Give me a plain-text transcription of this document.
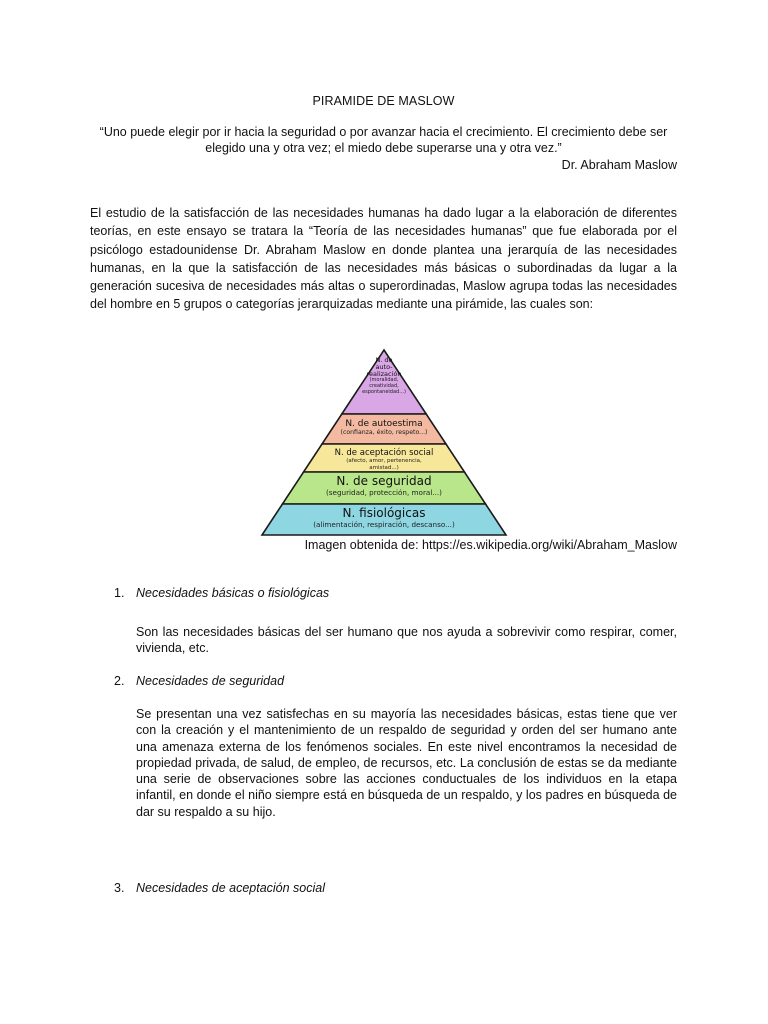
PIRAMIDE DE MASLOW
“Uno puede elegir por ir hacia la seguridad o por avanzar hacia el crecimiento. El crecimiento debe ser elegido una y otra vez; el miedo debe superarse una y otra vez.”
Dr. Abraham Maslow
El estudio de la satisfacción de las necesidades humanas ha dado lugar a la elaboración de diferentes teorías, en este ensayo se tratara la “Teoría de las necesidades humanas” que fue elaborada por el psicólogo estadounidense Dr. Abraham Maslow en donde plantea una jerarquía de las necesidades humanas, en la que la satisfacción de las necesidades más básicas o subordinadas da lugar a la generación sucesiva de necesidades más altas o superordinadas, Maslow agrupa todas las necesidades del hombre en 5 grupos o categorías jerarquizadas mediante una pirámide, las cuales son:
N. de
auto-
realización
(moralidad,
creatividad,
espontaneidad...)
N. de autoestima
(confianza, éxito, respeto...)
N. de aceptación social
(afecto, amor, pertenencia,
amistad...)
N. de seguridad
(seguridad, protección, moral...)
N. fisiológicas
(alimentación, respiración, descanso...)
Imagen obtenida de: https://es.wikipedia.org/wiki/Abraham_Maslow
1. Necesidades básicas o fisiológicas
Son las necesidades básicas del ser humano que nos ayuda a sobrevivir como respirar, comer, vivienda, etc.
2. Necesidades de seguridad
Se presentan una vez satisfechas en su mayoría las necesidades básicas, estas tiene que ver con la creación y el mantenimiento de un respaldo de seguridad y orden del ser humano ante una amenaza externa de los fenómenos sociales. En este nivel encontramos la necesidad de propiedad privada, de salud, de empleo, de recursos, etc. La conclusión de estas se da mediante una serie de observaciones sobre las acciones conductuales de los individuos en la etapa infantil, en donde el niño siempre está en búsqueda de un respaldo, y los padres en búsqueda de dar su respaldo a su hijo.
3. Necesidades de aceptación social
